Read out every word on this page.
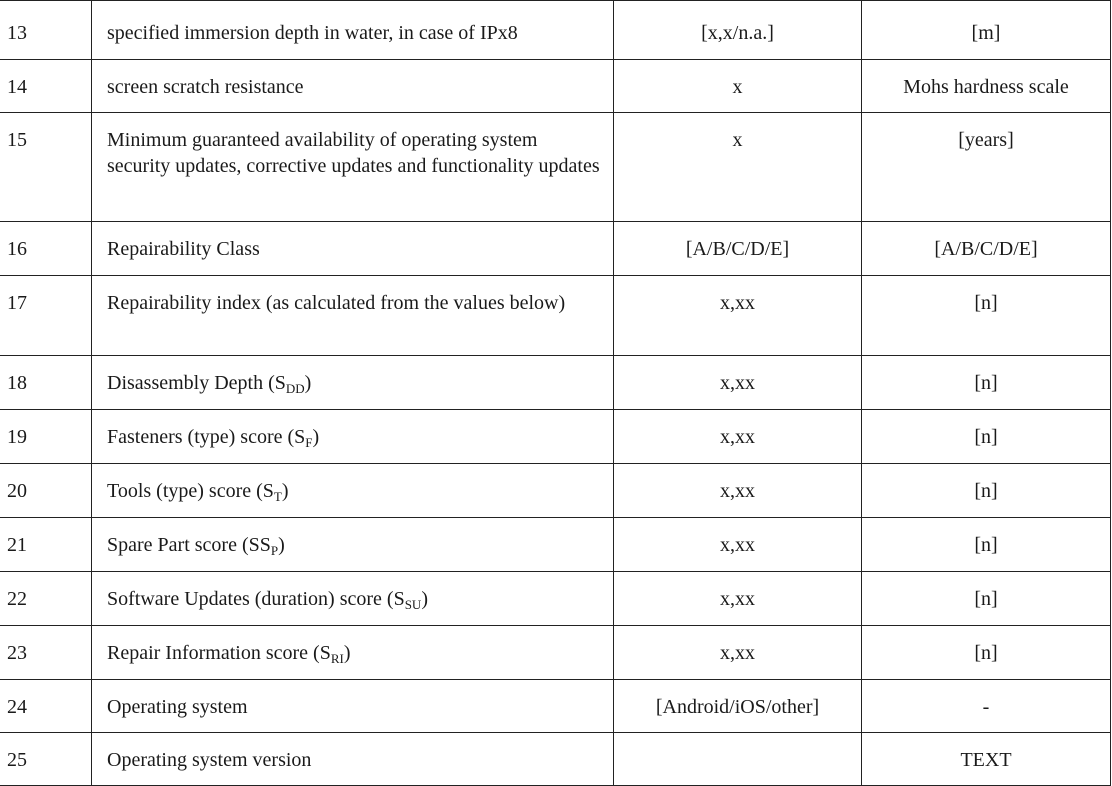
13	specified immersion depth in water, in case of IPx8	[x,x/n.a.]	[m]

14	screen scratch resistance	x	Mohs hardness scale

15	Minimum guaranteed availability of operating system security updates, corrective updates and functionality updates	x	[years]

16	Repairability Class	[A/B/C/D/E]	[A/B/C/D/E]

17	Repairability index (as calculated from the values below)	x,xx	[n]

18	Disassembly Depth $(S_{DD})$	x,xx	[n]

19	Fasteners (type) score $(S_F)$	x,xx	[n]

20	Tools (type) score $(S_T)$	x,xx	[n]

21	Spare Part score $(SS_P)$	x,xx	[n]

22	Software Updates (duration) score $(S_{SU})$	x,xx	[n]

23	Repair Information score $(S_{RI})$	x,xx	[n]

24	Operating system	[Android/iOS/other]	-

25	Operating system version		TEXT
